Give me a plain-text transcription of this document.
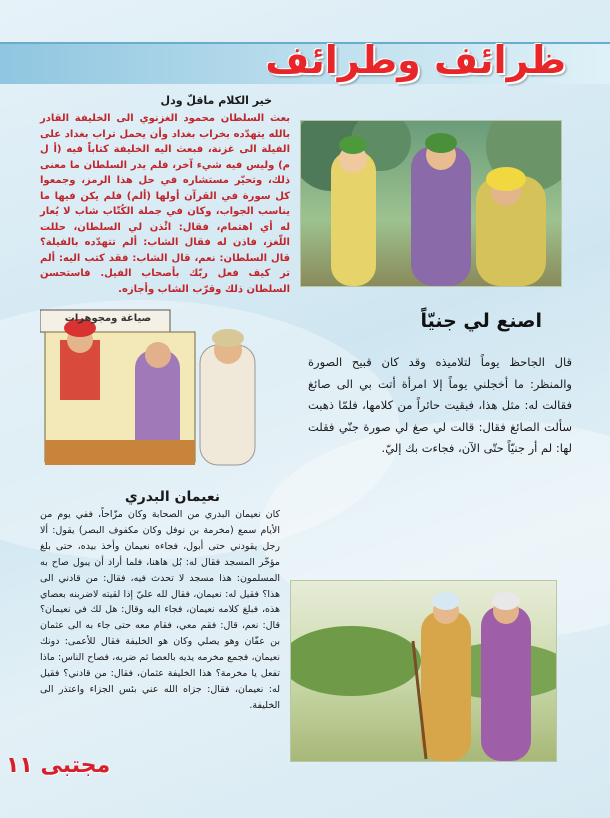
ظرائف وطرائف
خير الكلام ماقلّ ودل
بعث السلطان محمود الغزنوي الى الخليفة القادر بالله يتهدّده بخراب بغداد وأن يحمل تراب بغداد على الفيلة الى غزنة، فبعث اليه الخليفة كتاباً فيه (أ ل م) وليس فيه شيء آخر، فلم يدر السلطان ما معنى ذلك، وتحيّر مستشاره في حل هذا الرمز، وجمعوا كل سورة في القرآن أولها (ألم) فلم يكن فيها ما يناسب الجواب، وكان في جملة الكُتّاب شاب لا يُعار له أي اهتمام، فقال: ائْذن لي السلطان، حللت اللّغز، فاذن له فقال الشاب: ألم تتهدّده بالفيلة؟ قال السلطان: نعم، قال الشاب: فقد كتب اليه: ألم تر كيف فعل ربّك بأصحاب الفيل. فاستحسن السلطان ذلك وقرّب الشاب وأجازه.
صياغة ومجوهرات	اصنع لي جنيّاً
قال الجاحظ يوماً لتلاميذه وقد كان قبيح الصورة والمنظر: ما أخجلني يوماً إلا امرأة أتت بي الى صائغ فقالت له: مثل هذا، فبقيت حائراً من كلامها، فلمّا ذهبت سألت الصائغ فقال: قالت لي صغ لي صورة جنّي فقلت لها: لم أر جنيّاً حتّى الآن، فجاءت بك إليّ.
نعيمان البدري
كان نعيمان البدري من الصحابة وكان مزّاحاً، ففي يوم من الأيام سمع (مخرمة بن نوفل وكان مكفوف البصر) يقول: ألا رجل يقودني حتى أبول، فجاءه نعيمان وأخذ بيده، حتى بلغ مؤخّر المسجد فقال له: بُل هاهنا، فلما أراد أن يبول صاح به المسلمون: هذا مسجد لا تحدث فيه، فقال: من قادني الى هذا؟ فقيل له: نعيمان، فقال لله عليّ إذا لقيته لاضربنه بعصاي هذه، فبلغ كلامه نعيمان، فجاء اليه وقال: هل لك في نعيمان؟ قال: نعم، قال: فقم معي، فقام معه حتى جاء به الى عثمان بن عفّان وهو يصلي وكان هو الخليفة فقال للأعمى: دونك نعيمان، فجمع مخرمه يديه بالعصا ثم ضربه، فصاح الناس: ماذا تفعل يا مخرمة؟ هذا الخليفة عثمان، فقال: من قادني؟ فقيل له: نعيمان، فقال: جزاه الله عني بئس الجزاء واعتذر الى الخليفة.
مجتبى ١١
